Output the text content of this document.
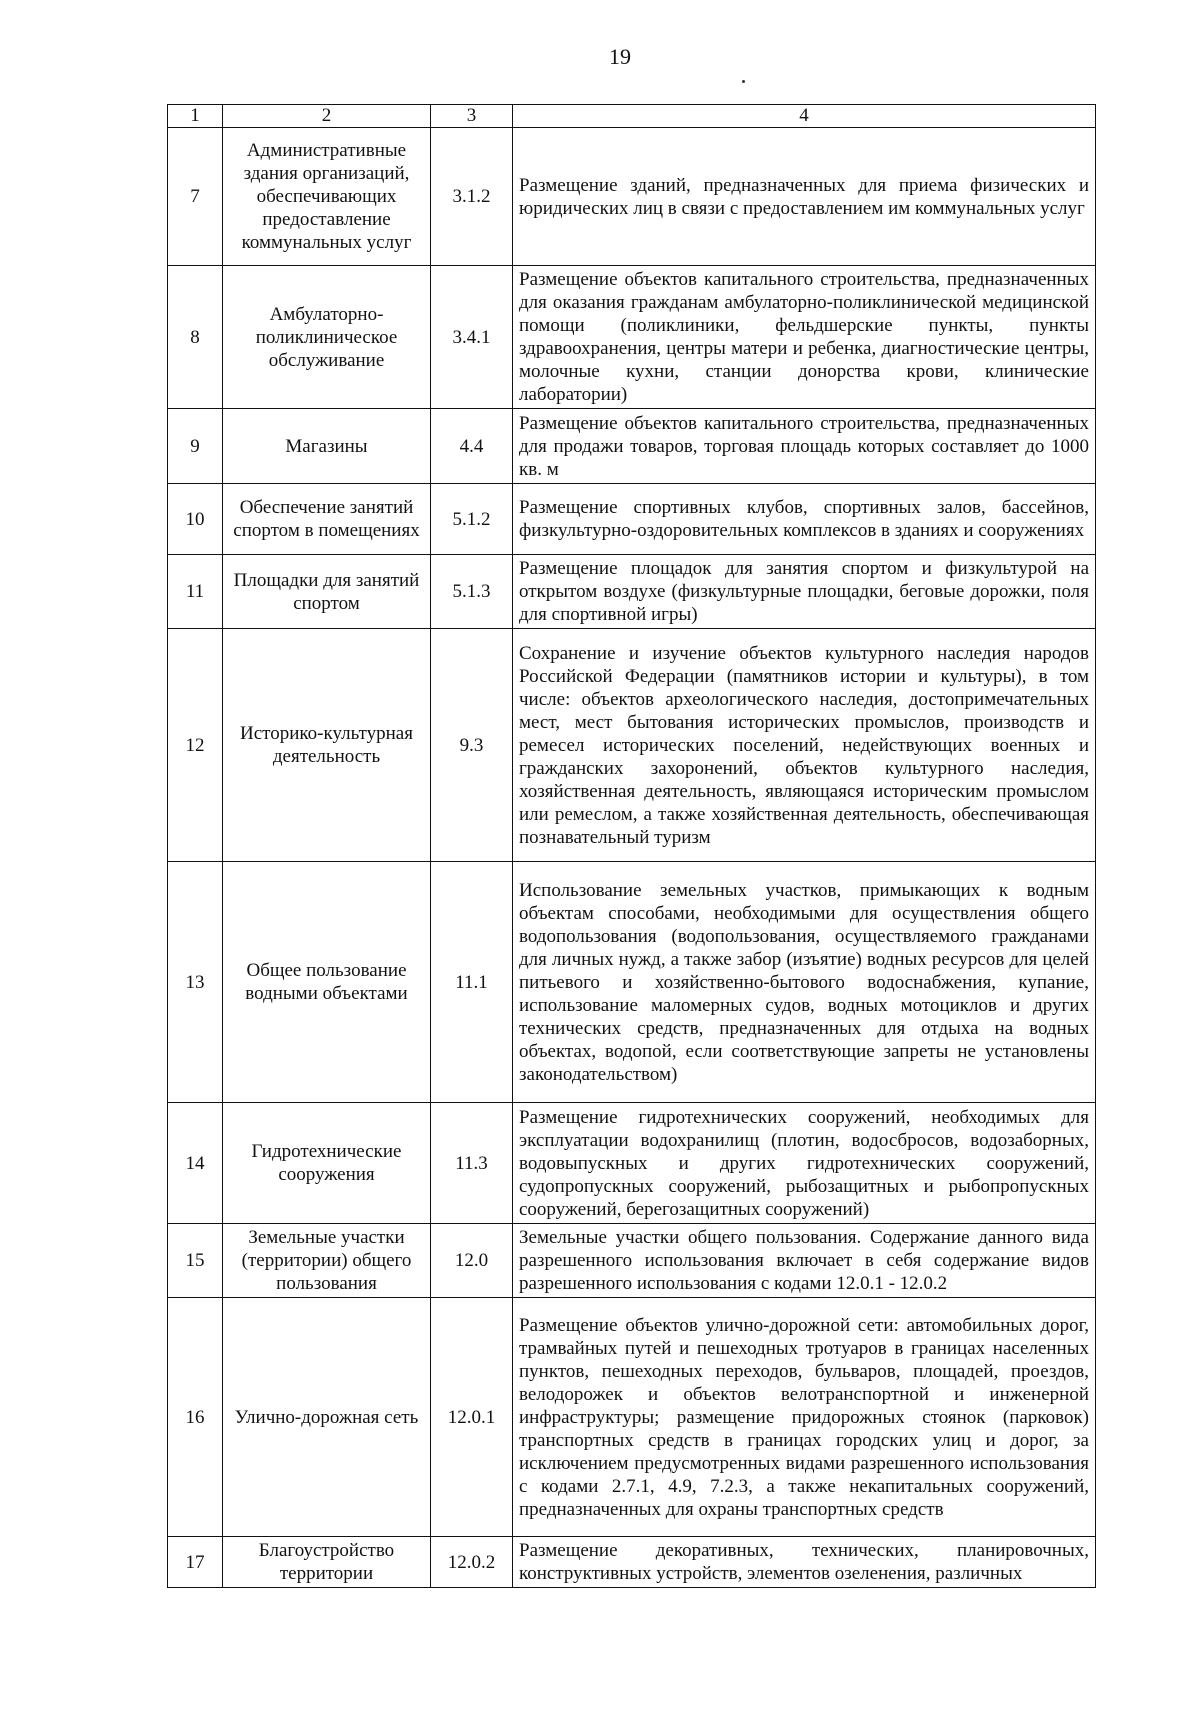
19
1	2	3	4
7	Административные здания организаций, обеспечивающих предоставление коммунальных услуг	3.1.2	Размещение зданий, предназначенных для приема физических и юридических лиц в связи с предоставлением им коммунальных услуг
8	Амбулаторно-поликлиническое обслуживание	3.4.1	Размещение объектов капитального строительства, предназначенных для оказания гражданам амбулаторно-поликлинической медицинской помощи (поликлиники, фельдшерские пункты, пункты здравоохранения, центры матери и ребенка, диагностические центры, молочные кухни, станции донорства крови, клинические лаборатории)
9	Магазины	4.4	Размещение объектов капитального строительства, предназначенных для продажи товаров, торговая площадь которых составляет до 1000 кв. м
10	Обеспечение занятий спортом в помещениях	5.1.2	Размещение спортивных клубов, спортивных залов, бассейнов, физкультурно-оздоровительных комплексов в зданиях и сооружениях
11	Площадки для занятий спортом	5.1.3	Размещение площадок для занятия спортом и физкультурой на открытом воздухе (физкультурные площадки, беговые дорожки, поля для спортивной игры)
12	Историко-культурная деятельность	9.3	Сохранение и изучение объектов культурного наследия народов Российской Федерации (памятников истории и культуры), в том числе: объектов археологического наследия, достопримечательных мест, мест бытования исторических промыслов, производств и ремесел исторических поселений, недействующих военных и гражданских захоронений, объектов культурного наследия, хозяйственная деятельность, являющаяся историческим промыслом или ремеслом, а также хозяйственная деятельность, обеспечивающая познавательный туризм
13	Общее пользование водными объектами	11.1	Использование земельных участков, примыкающих к водным объектам способами, необходимыми для осуществления общего водопользования (водопользования, осуществляемого гражданами для личных нужд, а также забор (изъятие) водных ресурсов для целей питьевого и хозяйственно-бытового водоснабжения, купание, использование маломерных судов, водных мотоциклов и других технических средств, предназначенных для отдыха на водных объектах, водопой, если соответствующие запреты не установлены законодательством)
14	Гидротехнические сооружения	11.3	Размещение гидротехнических сооружений, необходимых для эксплуатации водохранилищ (плотин, водосбросов, водозаборных, водовыпускных и других гидротехнических сооружений, судопропускных сооружений, рыбозащитных и рыбопропускных сооружений, берегозащитных сооружений)
15	Земельные участки (территории) общего пользования	12.0	Земельные участки общего пользования. Содержание данного вида разрешенного использования включает в себя содержание видов разрешенного использования с кодами 12.0.1 - 12.0.2
16	Улично-дорожная сеть	12.0.1	Размещение объектов улично-дорожной сети: автомобильных дорог, трамвайных путей и пешеходных тротуаров в границах населенных пунктов, пешеходных переходов, бульваров, площадей, проездов, велодорожек и объектов велотранспортной и инженерной инфраструктуры; размещение придорожных стоянок (парковок) транспортных средств в границах городских улиц и дорог, за исключением предусмотренных видами разрешенного использования с кодами 2.7.1, 4.9, 7.2.3, а также некапитальных сооружений, предназначенных для охраны транспортных средств
17	Благоустройство территории	12.0.2	Размещение декоративных, технических, планировочных, конструктивных устройств, элементов озеленения, различных
